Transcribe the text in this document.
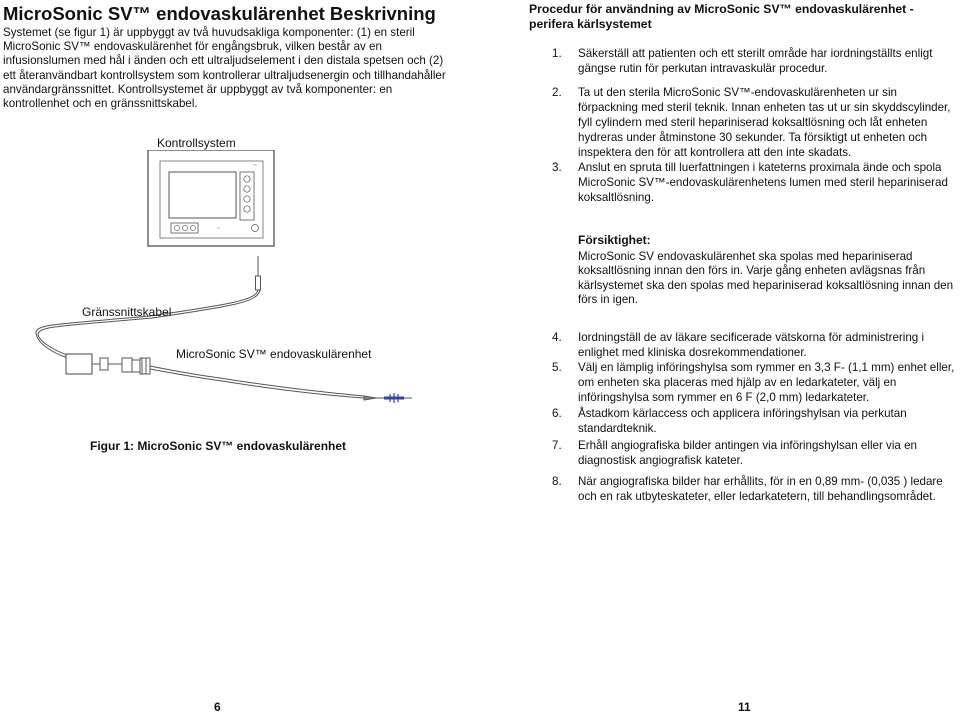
MicroSonic SV™ endovaskulärenhet Beskrivning

Systemet (se figur 1) är uppbyggt av två huvudsakliga komponenter: (1) en steril MicroSonic SV™ endovaskulärenhet för engångsbruk, vilken består av en infusionslumen med hål i änden och ett ultraljudselement i den distala spetsen och (2) ett återanvändbart kontrollsystem som kontrollerar ultraljudsenergin och tillhandahåller användargränssnittet. Kontrollsystemet är uppbyggt av två komponenter: en kontrollenhet och en gränssnittskabel.

Kontrollsystem
Gränssnittskabel
MicroSonic SV™ endovaskulärenhet
Figur 1: MicroSonic SV™ endovaskulärenhet
6
Procedur för användning av MicroSonic SV™ endovaskulärenhet - perifera kärlsystemet
1. Säkerställ att patienten och ett sterilt område har iordningställts enligt gängse rutin för perkutan intravaskulär procedur.
2. Ta ut den sterila MicroSonic SV™-endovaskulärenheten ur sin förpackning med steril teknik. Innan enheten tas ut ur sin skyddscylinder, fyll cylindern med steril hepariniserad koksaltlösning och låt enheten hydreras under åtminstone 30 sekunder. Ta försiktigt ut enheten och inspektera den för att kontrollera att den inte skadats.
3. Anslut en spruta till luerfattningen i kateterns proximala ände och spola MicroSonic SV™-endovaskulärenhetens lumen med steril hepariniserad koksaltlösning.
Försiktighet:

MicroSonic SV endovaskulärenhet ska spolas med hepariniserad koksaltlösning innan den förs in. Varje gång enheten avlägsnas från kärlsystemet ska den spolas med hepariniserad koksaltlösning innan den förs in igen.

4. Iordningställ de av läkare secificerade vätskorna för administrering i enlighet med kliniska dosrekommendationer.
5. Välj en lämplig införingshylsa som rymmer en 3,3 F- (1,1 mm) enhet eller, om enheten ska placeras med hjälp av en ledarkateter, välj en införingshylsa som rymmer en 6 F (2,0 mm) ledarkateter.
6. Åstadkom kärlaccess och applicera införingshylsan via perkutan standardteknik.
7. Erhåll angiografiska bilder antingen via införingshylsan eller via en diagnostisk angiografisk kateter.
8. När angiografiska bilder har erhållits, för in en 0,89 mm- (0,035 ) ledare och en rak utbyteskateter, eller ledarkatetern, till behandlingsområdet.
11
